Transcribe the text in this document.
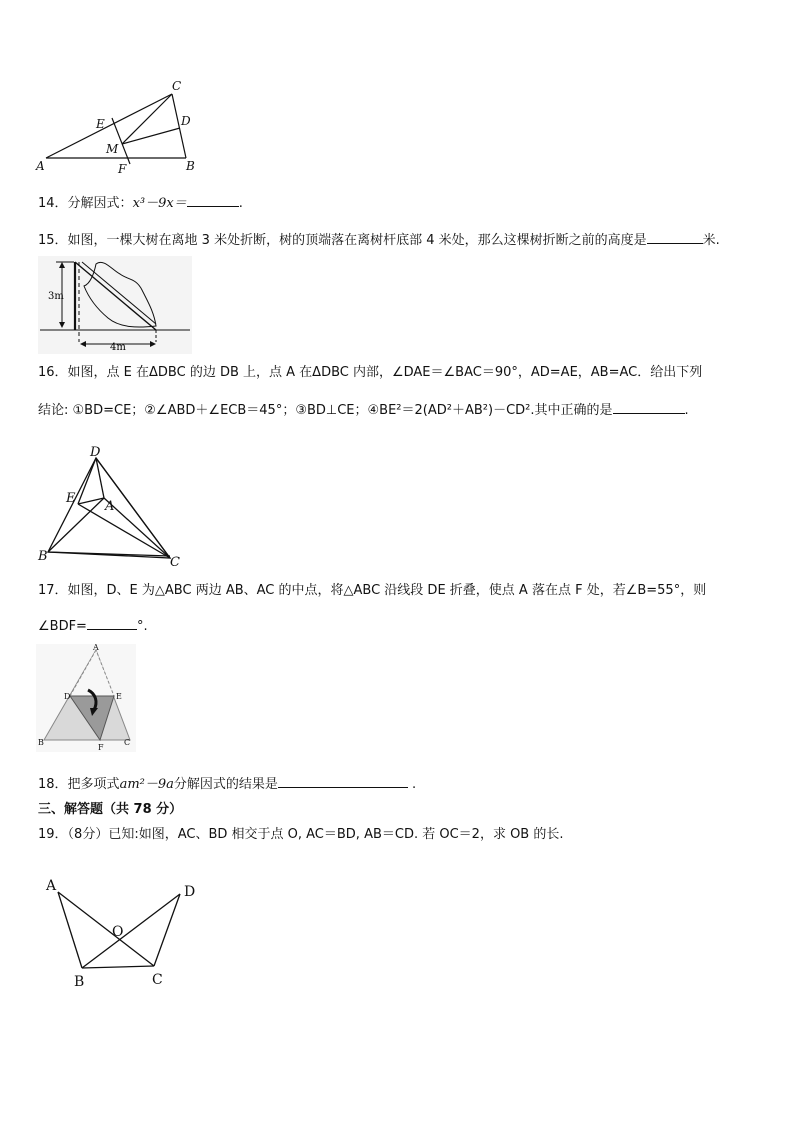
A	B
C
D
E
F
M
14．分解因式：x³－9x＝	.
15．如图，一棵大树在离地 3 米处折断，树的顶端落在离树杆底部 4 米处，那么这棵树折断之前的高度是	米.
3m
4m
16．如图，点 E 在ΔDBC 的边 DB 上，点 A 在ΔDBC 内部，∠DAE＝∠BAC＝90°，AD=AE，AB=AC．给出下列
结论: ①BD=CE；②∠ABD＋∠ECB＝45°；③BD⊥CE；④BE²＝2(AD²＋AB²)－CD².其中正确的是	.
D
E
A
B	C
17．如图，D、E 为△ABC 两边 AB、AC 的中点，将△ABC 沿线段 DE 折叠，使点 A 落在点 F 处，若∠B=55°，则
∠BDF=	°.
A
D	E
B
F
C
18．把多项式am²－9a分解因式的结果是	.
三、解答题（共 78 分）
19．（8分）已知:如图，AC、BD 相交于点 O, AC＝BD, AB＝CD. 若 OC＝2，求 OB 的长.
A	D
O
B	C
